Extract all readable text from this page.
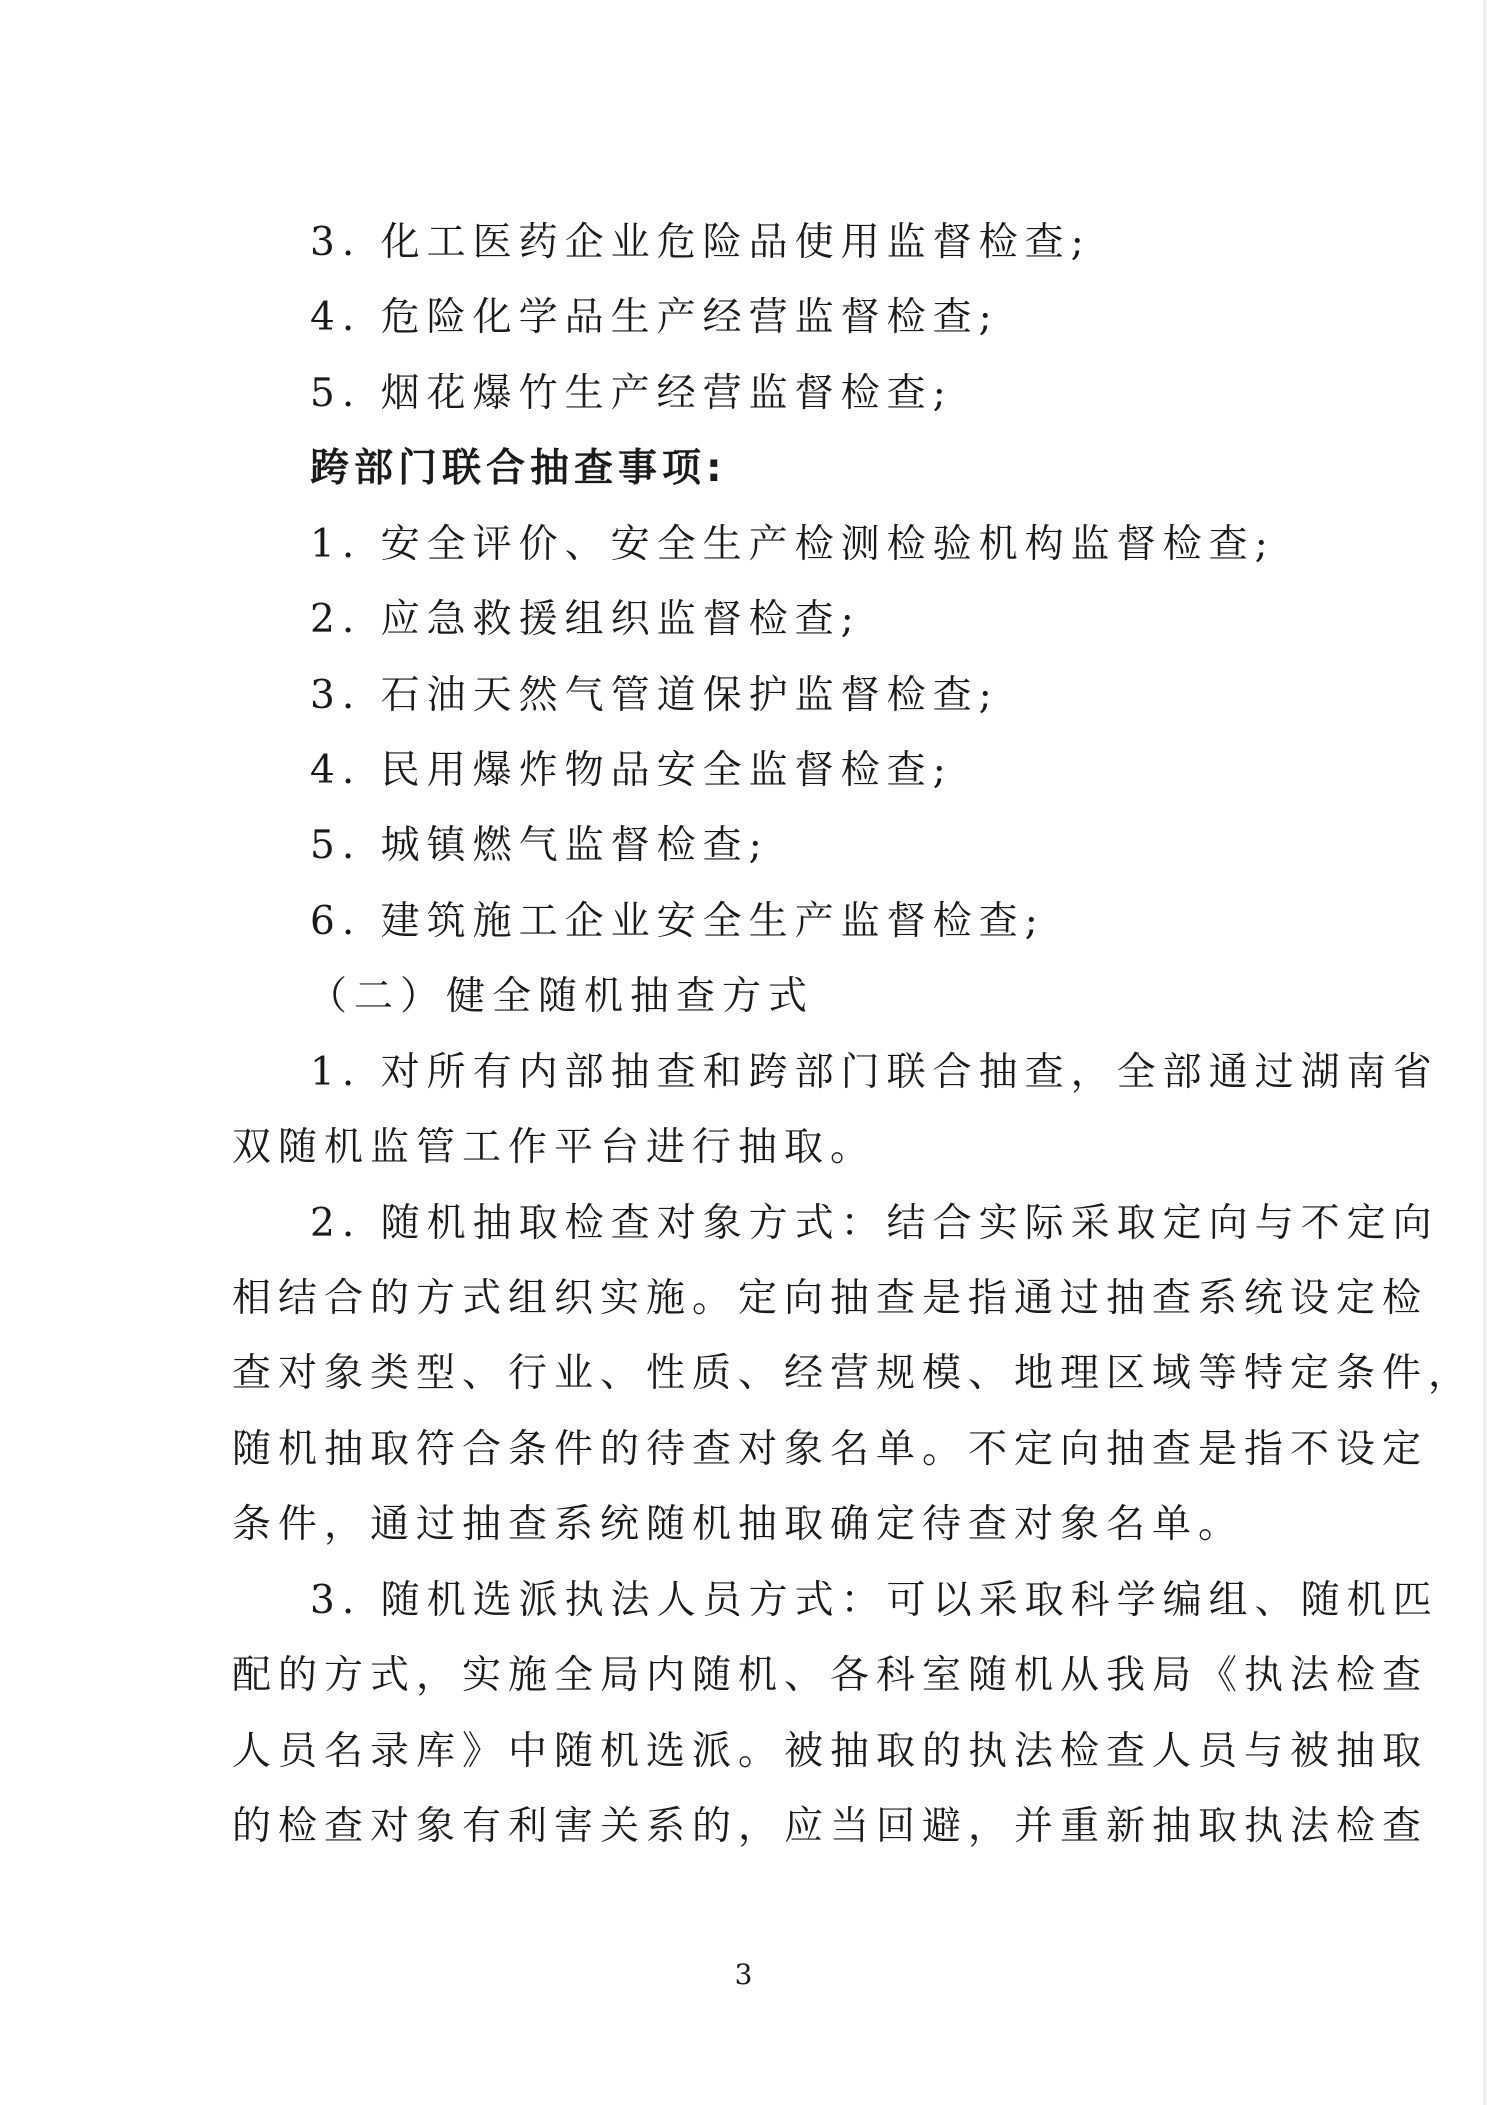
3. 化工医药企业危险品使用监督检查;
4. 危险化学品生产经营监督检查;
5. 烟花爆竹生产经营监督检查;
跨部门联合抽查事项:
1. 安全评价、安全生产检测检验机构监督检查;
2. 应急救援组织监督检查;
3. 石油天然气管道保护监督检查;
4. 民用爆炸物品安全监督检查;
5. 城镇燃气监督检查;
6. 建筑施工企业安全生产监督检查;
（二）健全随机抽查方式
1. 对所有内部抽查和跨部门联合抽查，全部通过湖南省
双随机监管工作平台进行抽取。
2. 随机抽取检查对象方式：结合实际采取定向与不定向
相结合的方式组织实施。定向抽查是指通过抽查系统设定检
查对象类型、行业、性质、经营规模、地理区域等特定条件，
随机抽取符合条件的待查对象名单。不定向抽查是指不设定
条件，通过抽查系统随机抽取确定待查对象名单。
3. 随机选派执法人员方式：可以采取科学编组、随机匹
配的方式，实施全局内随机、各科室随机从我局《执法检查
人员名录库》中随机选派。被抽取的执法检查人员与被抽取
的检查对象有利害关系的，应当回避，并重新抽取执法检查
3
